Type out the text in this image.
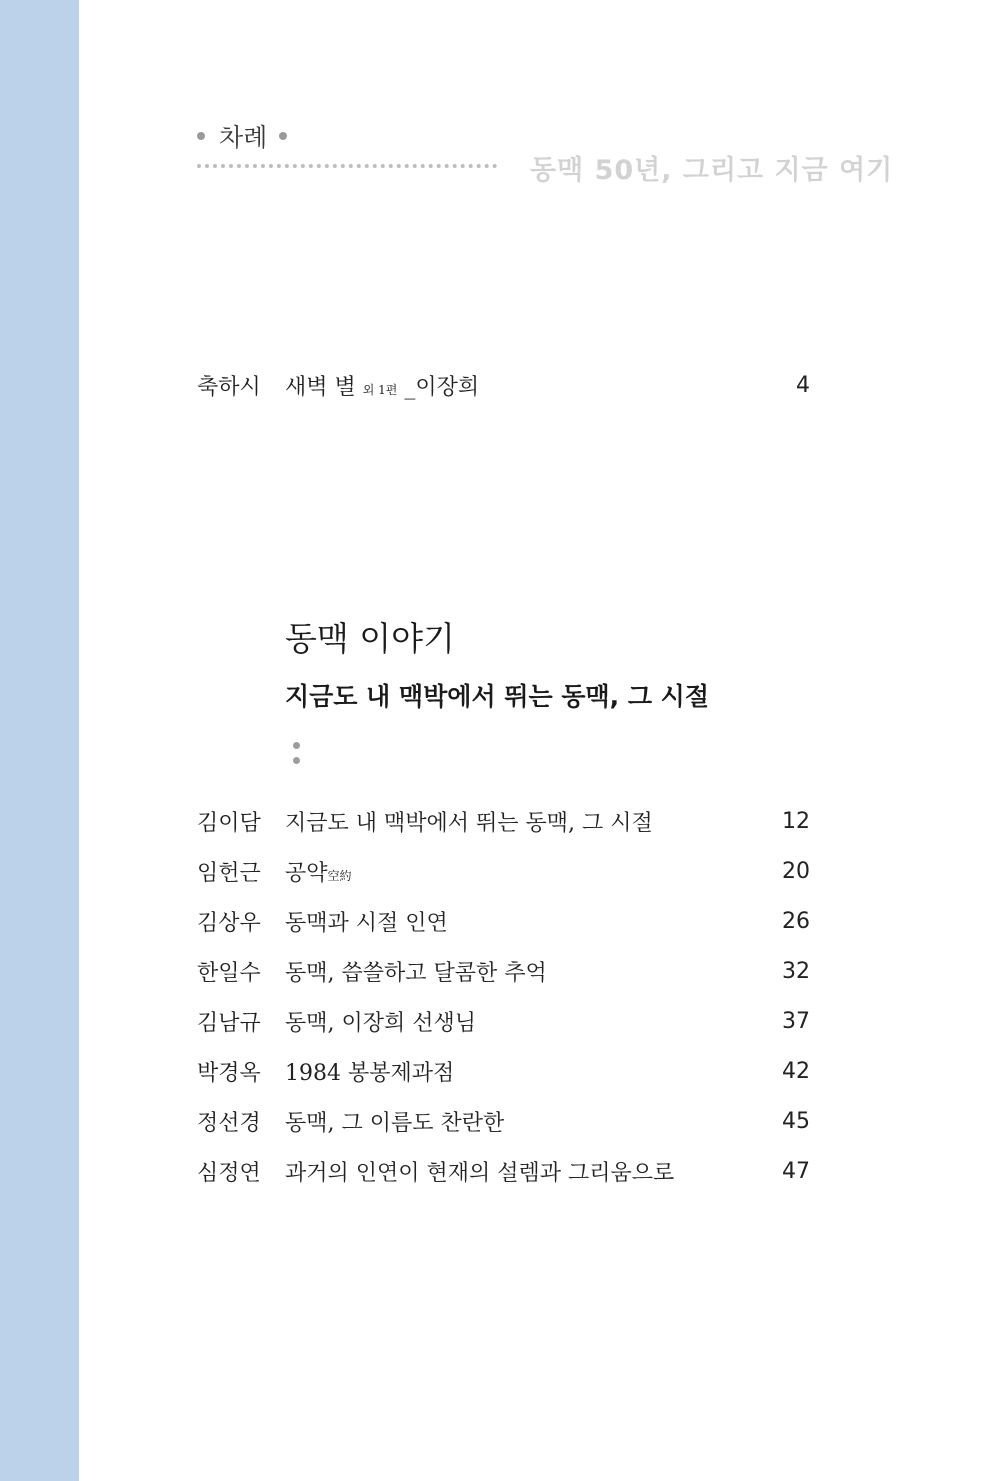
차례
동맥 50년, 그리고 지금 여기
축하시	새벽 별 외 1편 _이장희	4
동맥 이야기
지금도 내 맥박에서 뛰는 동맥, 그 시절
김이담	지금도 내 맥박에서 뛰는 동맥, 그 시절	12
임헌근	공약空約	20
김상우	동맥과 시절 인연	26
한일수	동맥, 씁쓸하고 달콤한 추억	32
김남규	동맥, 이장희 선생님	37
박경옥	1984 봉봉제과점	42
정선경	동맥, 그 이름도 찬란한	45
심정연	과거의 인연이 현재의 설렘과 그리움으로	47
